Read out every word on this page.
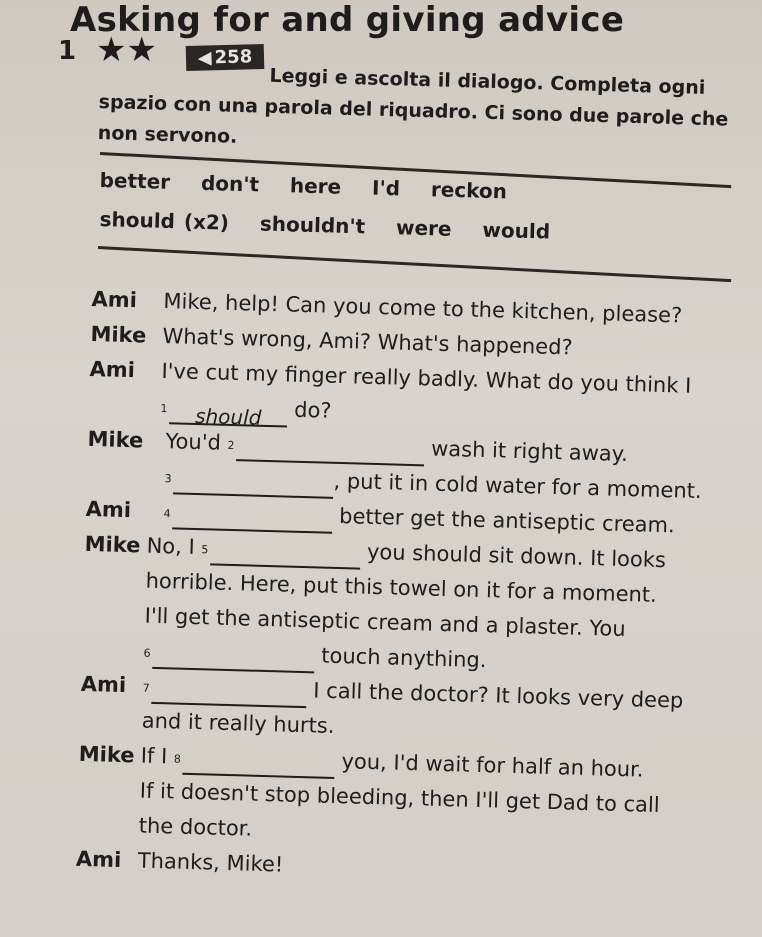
Asking for and giving advice
1 ★★ ◀︎ 258
Leggi e ascolta il dialogo. Completa ogni spazio con una parola del riquadro. Ci sono due parole che non servono.
better don't here I'd reckon
should (x2) shouldn't were would
Ami Mike, help! Can you come to the kitchen, please?
Mike What's wrong, Ami? What's happened?
Ami I've cut my finger really badly. What do you think I
$^1$ should do?
Mike You'd $^2$	wash it right away.
$^3$	, put it in cold water for a moment.
Ami	$^4$	better get the antiseptic cream.
Mike No, I $^5$	you should sit down. It looks
horrible. Here, put this towel on it for a moment.
I'll get the antiseptic cream and a plaster. You
$^6$	touch anything.
Ami $^7$	I call the doctor? It looks very deep
and it really hurts.
Mike If I $^8$	you, I'd wait for half an hour.
If it doesn't stop bleeding, then I'll get Dad to call
the doctor.
Ami Thanks, Mike!
